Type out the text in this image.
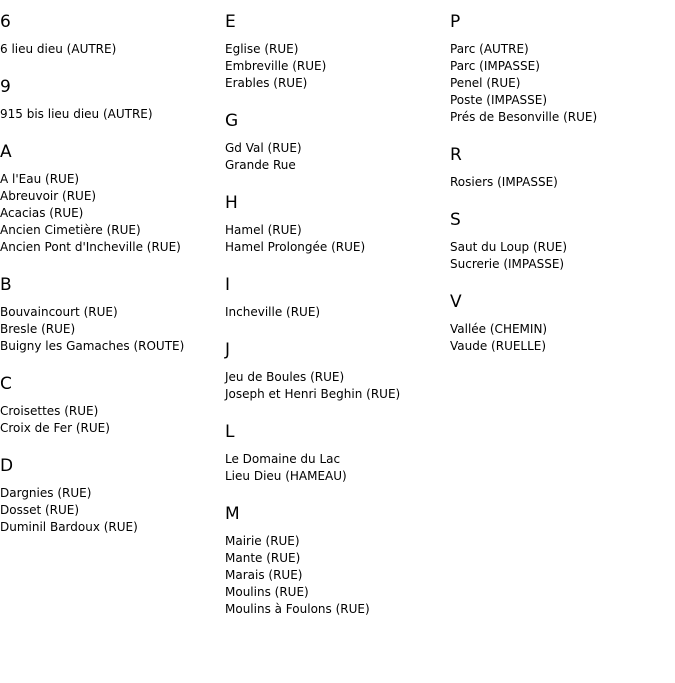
6
6 lieu dieu (AUTRE)
9
915 bis lieu dieu (AUTRE)
A
A l'Eau (RUE)
Abreuvoir (RUE)
Acacias (RUE)
Ancien Cimetière (RUE)
Ancien Pont d'Incheville (RUE)
B
Bouvaincourt (RUE)
Bresle (RUE)
Buigny les Gamaches (ROUTE)
C
Croisettes (RUE)
Croix de Fer (RUE)
D
Dargnies (RUE)
Dosset (RUE)
Duminil Bardoux (RUE)
E
Eglise (RUE)
Embreville (RUE)
Erables (RUE)
G
Gd Val (RUE)
Grande Rue
H
Hamel (RUE)
Hamel Prolongée (RUE)
I
Incheville (RUE)
J
Jeu de Boules (RUE)
Joseph et Henri Beghin (RUE)
L
Le Domaine du Lac
Lieu Dieu (HAMEAU)
M
Mairie (RUE)
Mante (RUE)
Marais (RUE)
Moulins (RUE)
Moulins à Foulons (RUE)
P
Parc (AUTRE)
Parc (IMPASSE)
Penel (RUE)
Poste (IMPASSE)
Prés de Besonville (RUE)
R
Rosiers (IMPASSE)
S
Saut du Loup (RUE)
Sucrerie (IMPASSE)
V
Vallée (CHEMIN)
Vaude (RUELLE)
